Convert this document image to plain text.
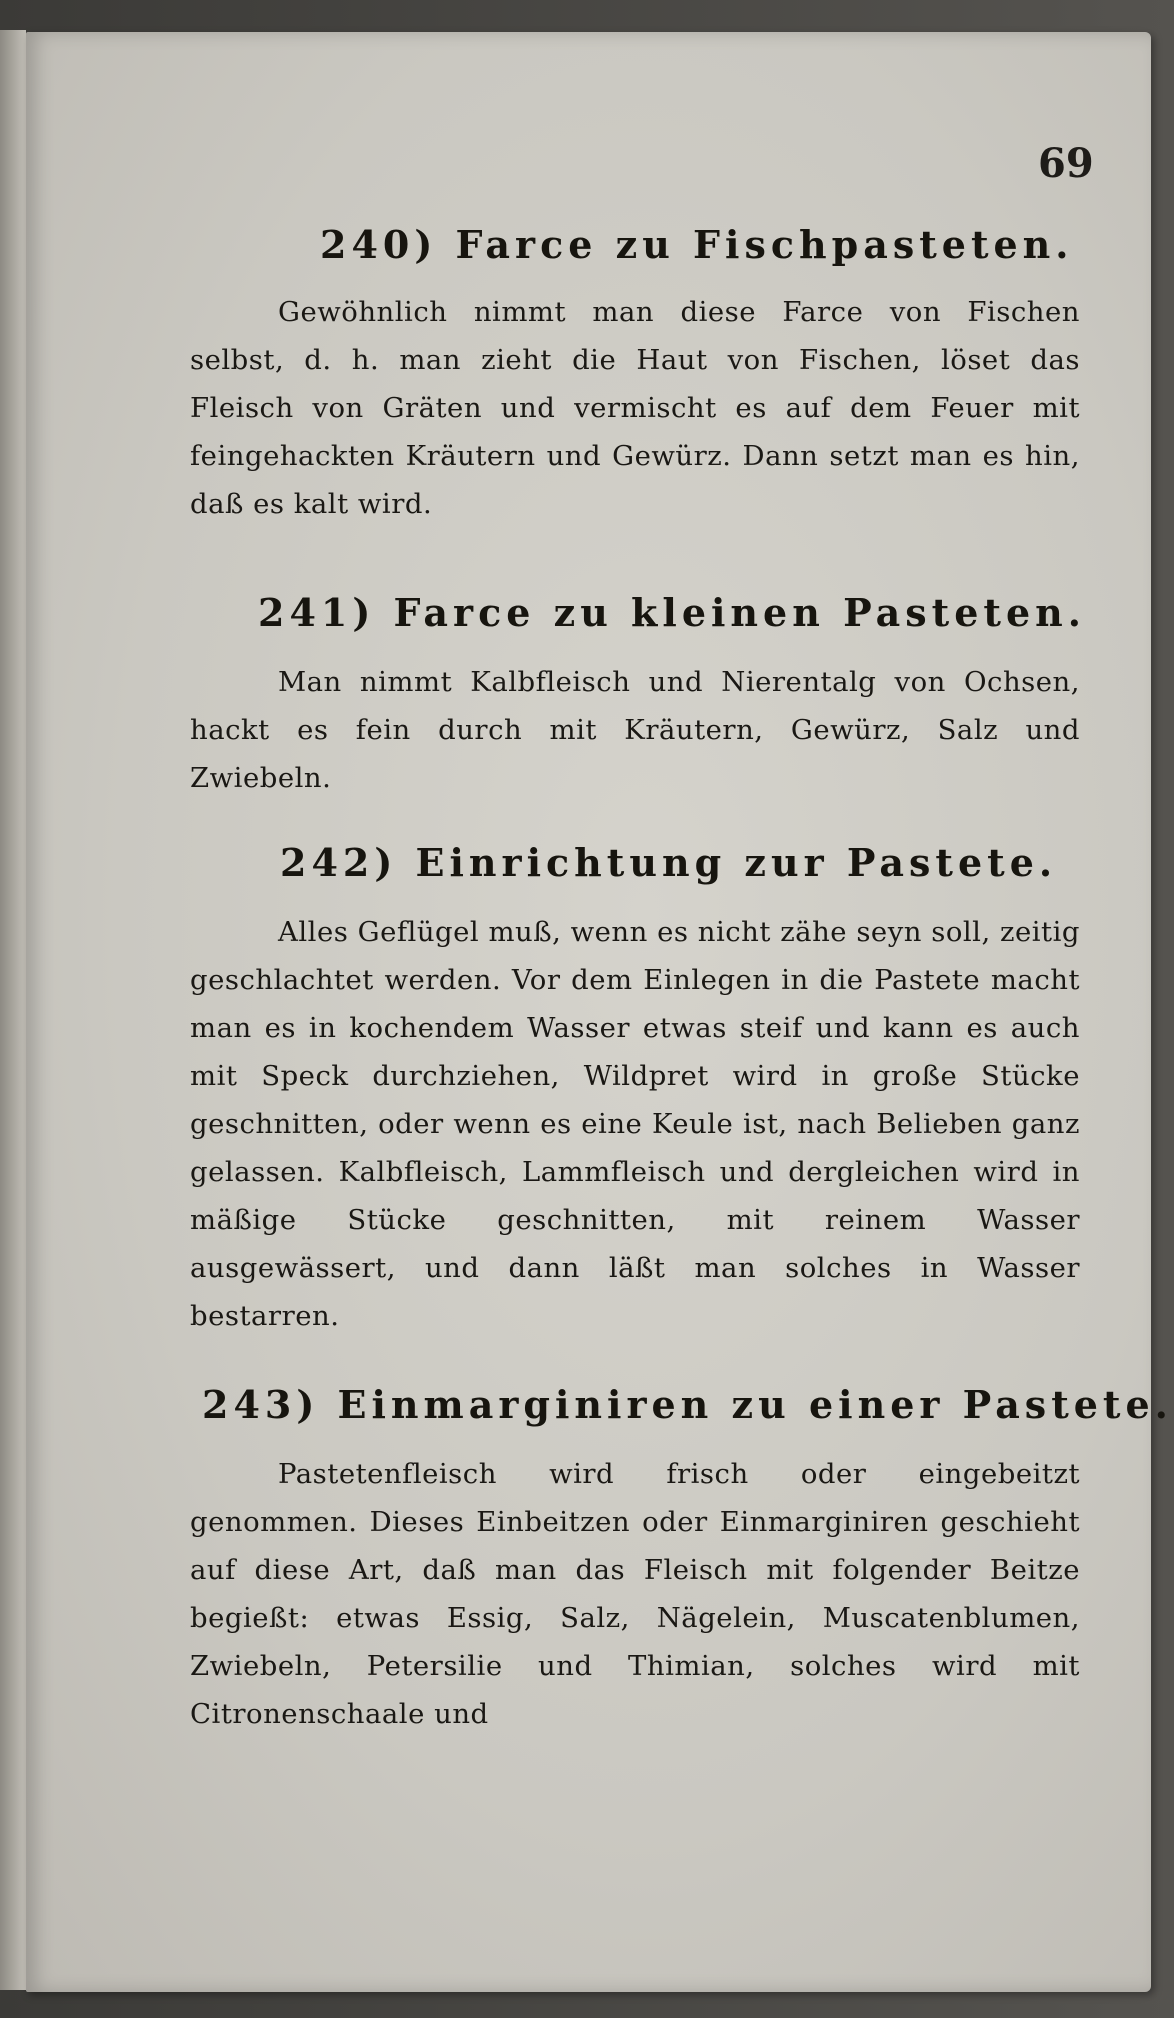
69
240) Farce zu Fischpasteten.

Gewöhnlich nimmt man diese Farce von Fischen selbst, d. h. man zieht die Haut von Fischen, löset das Fleisch von Gräten und vermischt es auf dem Feuer mit feingehackten Kräutern und Gewürz. Dann setzt man es hin, daß es kalt wird.

241) Farce zu kleinen Pasteten.

Man nimmt Kalbfleisch und Nierentalg von Ochsen, hackt es fein durch mit Kräutern, Gewürz, Salz und Zwiebeln.

242) Einrichtung zur Pastete.

Alles Geflügel muß, wenn es nicht zähe seyn soll, zeitig geschlachtet werden. Vor dem Einlegen in die Pastete macht man es in kochendem Wasser etwas steif und kann es auch mit Speck durchziehen, Wildpret wird in große Stücke geschnitten, oder wenn es eine Keule ist, nach Belieben ganz gelassen. Kalbfleisch, Lammfleisch und dergleichen wird in mäßige Stücke geschnitten, mit reinem Wasser ausgewässert, und dann läßt man solches in Wasser bestarren.

243) Einmarginiren zu einer Pastete.

Pastetenfleisch wird frisch oder eingebeitzt genommen. Dieses Einbeitzen oder Einmarginiren geschieht auf diese Art, daß man das Fleisch mit folgender Beitze begießt: etwas Essig, Salz, Nägelein, Muscatenblumen, Zwiebeln, Petersilie und Thimian, solches wird mit Citronenschaale und
